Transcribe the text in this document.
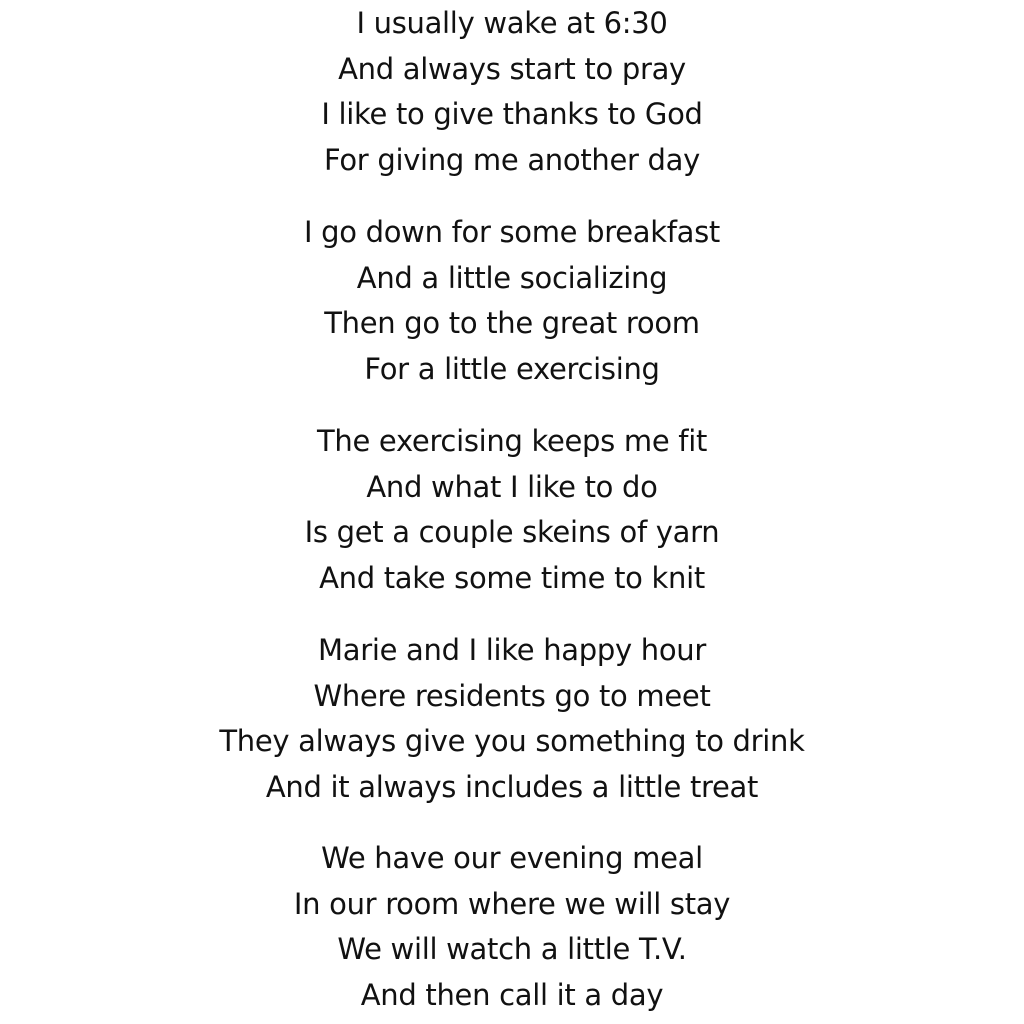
I usually wake at 6:30
And always start to pray
I like to give thanks to God
For giving me another day
I go down for some breakfast
And a little socializing
Then go to the great room
For a little exercising
The exercising keeps me fit
And what I like to do
Is get a couple skeins of yarn
And take some time to knit
Marie and I like happy hour
Where residents go to meet
They always give you something to drink
And it always includes a little treat
We have our evening meal
In our room where we will stay
We will watch a little T.V.
And then call it a day
